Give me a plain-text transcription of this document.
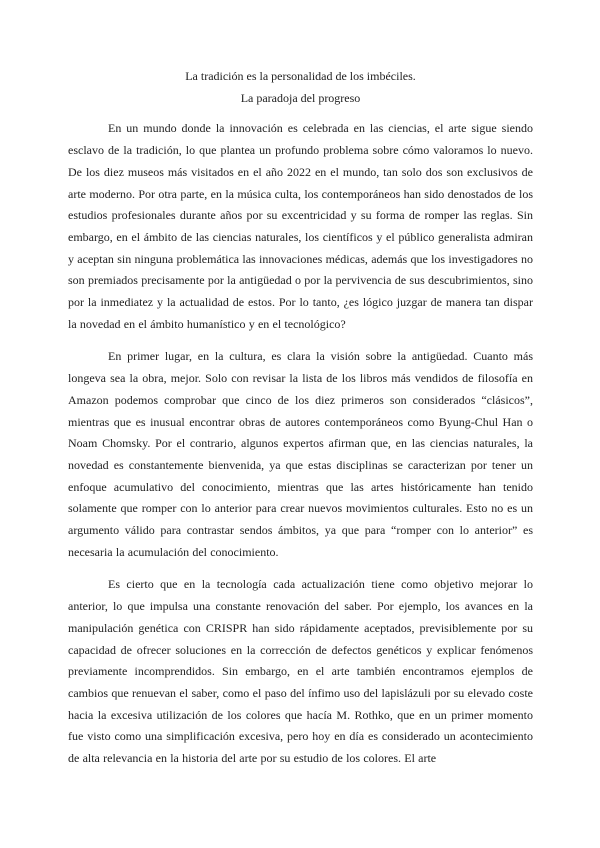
La tradición es la personalidad de los imbéciles.
La paradoja del progreso

En un mundo donde la innovación es celebrada en las ciencias, el arte sigue siendo esclavo de la tradición, lo que plantea un profundo problema sobre cómo valoramos lo nuevo. De los diez museos más visitados en el año 2022 en el mundo, tan solo dos son exclusivos de arte moderno. Por otra parte, en la música culta, los contemporáneos han sido denostados de los estudios profesionales durante años por su excentricidad y su forma de romper las reglas. Sin embargo, en el ámbito de las ciencias naturales, los científicos y el público generalista admiran y aceptan sin ninguna problemática las innovaciones médicas, además que los investigadores no son premiados precisamente por la antigüedad o por la pervivencia de sus descubrimientos, sino por la inmediatez y la actualidad de estos. Por lo tanto, ¿es lógico juzgar de manera tan dispar la novedad en el ámbito humanístico y en el tecnológico?

En primer lugar, en la cultura, es clara la visión sobre la antigüedad. Cuanto más longeva sea la obra, mejor. Solo con revisar la lista de los libros más vendidos de filosofía en Amazon podemos comprobar que cinco de los diez primeros son considerados “clásicos”, mientras que es inusual encontrar obras de autores contemporáneos como Byung-Chul Han o Noam Chomsky. Por el contrario, algunos expertos afirman que, en las ciencias naturales, la novedad es constantemente bienvenida, ya que estas disciplinas se caracterizan por tener un enfoque acumulativo del conocimiento, mientras que las artes históricamente han tenido solamente que romper con lo anterior para crear nuevos movimientos culturales. Esto no es un argumento válido para contrastar sendos ámbitos, ya que para “romper con lo anterior” es necesaria la acumulación del conocimiento.

Es cierto que en la tecnología cada actualización tiene como objetivo mejorar lo anterior, lo que impulsa una constante renovación del saber. Por ejemplo, los avances en la manipulación genética con CRISPR han sido rápidamente aceptados, previsiblemente por su capacidad de ofrecer soluciones en la corrección de defectos genéticos y explicar fenómenos previamente incomprendidos. Sin embargo, en el arte también encontramos ejemplos de cambios que renuevan el saber, como el paso del ínfimo uso del lapislázuli por su elevado coste hacia la excesiva utilización de los colores que hacía M. Rothko, que en un primer momento fue visto como una simplificación excesiva, pero hoy en día es considerado un acontecimiento de alta relevancia en la historia del arte por su estudio de los colores. El arte
